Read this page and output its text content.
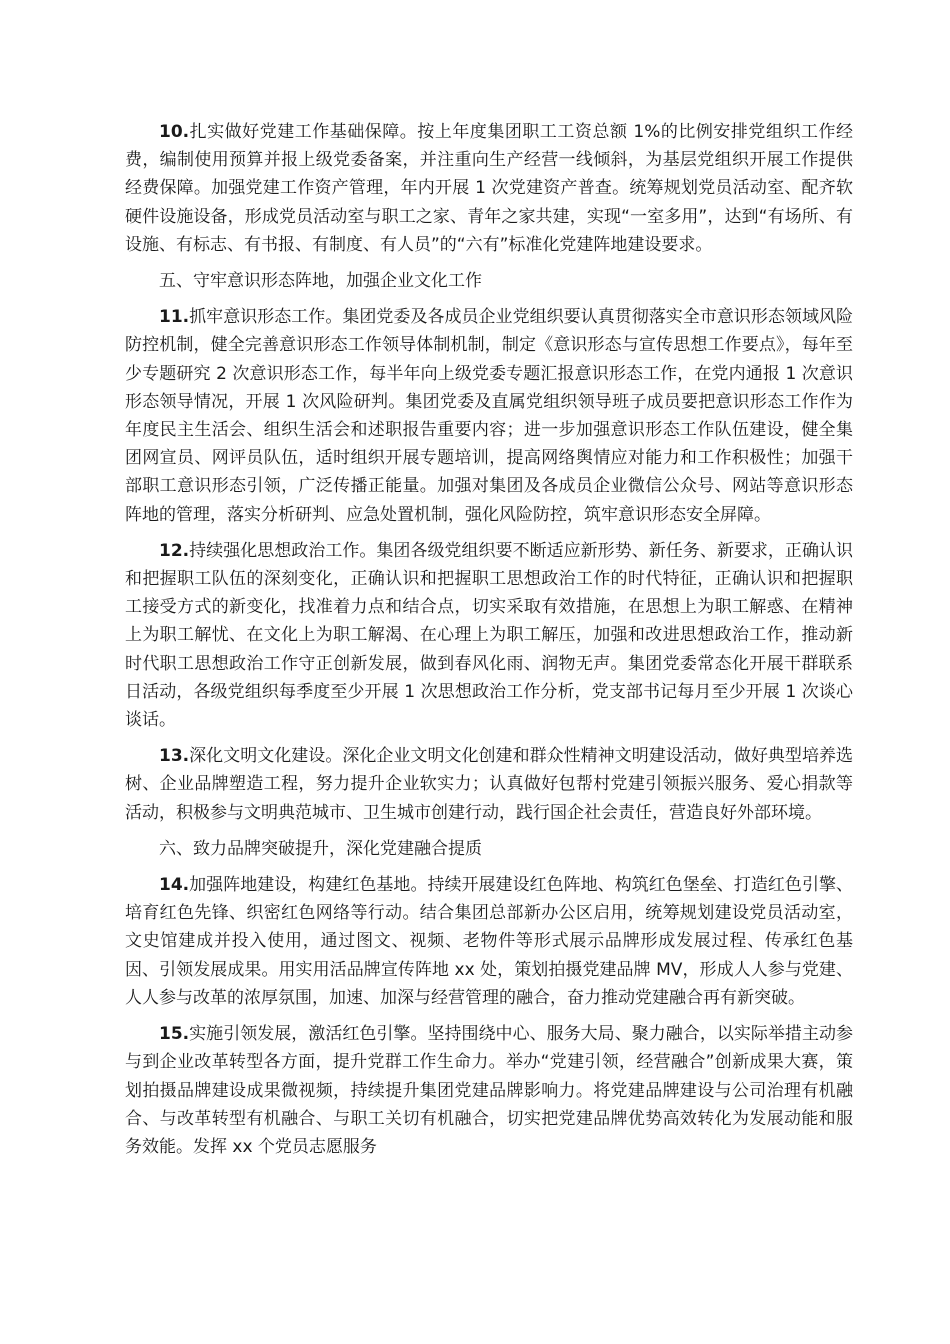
10.扎实做好党建工作基础保障。按上年度集团职工工资总额 1%的比例安排党组织工作经费，编制使用预算并报上级党委备案，并注重向生产经营一线倾斜，为基层党组织开展工作提供经费保障。加强党建工作资产管理，年内开展 1 次党建资产普查。统筹规划党员活动室、配齐软硬件设施设备，形成党员活动室与职工之家、青年之家共建，实现“一室多用”，达到“有场所、有设施、有标志、有书报、有制度、有人员”的“六有”标准化党建阵地建设要求。

五、守牢意识形态阵地，加强企业文化工作

11.抓牢意识形态工作。集团党委及各成员企业党组织要认真贯彻落实全市意识形态领域风险防控机制，健全完善意识形态工作领导体制机制，制定《意识形态与宣传思想工作要点》，每年至少专题研究 2 次意识形态工作，每半年向上级党委专题汇报意识形态工作，在党内通报 1 次意识形态领导情况，开展 1 次风险研判。集团党委及直属党组织领导班子成员要把意识形态工作作为年度民主生活会、组织生活会和述职报告重要内容；进一步加强意识形态工作队伍建设，健全集团网宣员、网评员队伍，适时组织开展专题培训，提高网络舆情应对能力和工作积极性；加强干部职工意识形态引领，广泛传播正能量。加强对集团及各成员企业微信公众号、网站等意识形态阵地的管理，落实分析研判、应急处置机制，强化风险防控，筑牢意识形态安全屏障。

12.持续强化思想政治工作。集团各级党组织要不断适应新形势、新任务、新要求，正确认识和把握职工队伍的深刻变化，正确认识和把握职工思想政治工作的时代特征，正确认识和把握职工接受方式的新变化，找准着力点和结合点，切实采取有效措施，在思想上为职工解惑、在精神上为职工解忧、在文化上为职工解渴、在心理上为职工解压，加强和改进思想政治工作，推动新时代职工思想政治工作守正创新发展，做到春风化雨、润物无声。集团党委常态化开展干群联系日活动，各级党组织每季度至少开展 1 次思想政治工作分析，党支部书记每月至少开展 1 次谈心谈话。

13.深化文明文化建设。深化企业文明文化创建和群众性精神文明建设活动，做好典型培养选树、企业品牌塑造工程，努力提升企业软实力；认真做好包帮村党建引领振兴服务、爱心捐款等活动，积极参与文明典范城市、卫生城市创建行动，践行国企社会责任，营造良好外部环境。

六、致力品牌突破提升，深化党建融合提质

14.加强阵地建设，构建红色基地。持续开展建设红色阵地、构筑红色堡垒、打造红色引擎、培育红色先锋、织密红色网络等行动。结合集团总部新办公区启用，统筹规划建设党员活动室，文史馆建成并投入使用，通过图文、视频、老物件等形式展示品牌形成发展过程、传承红色基因、引领发展成果。用实用活品牌宣传阵地 xx 处，策划拍摄党建品牌 MV，形成人人参与党建、人人参与改革的浓厚氛围，加速、加深与经营管理的融合，奋力推动党建融合再有新突破。

15.实施引领发展，激活红色引擎。坚持围绕中心、服务大局、聚力融合，以实际举措主动参与到企业改革转型各方面，提升党群工作生命力。举办“党建引领，经营融合”创新成果大赛，策划拍摄品牌建设成果微视频，持续提升集团党建品牌影响力。将党建品牌建设与公司治理有机融合、与改革转型有机融合、与职工关切有机融合，切实把党建品牌优势高效转化为发展动能和服务效能。发挥 xx 个党员志愿服务
